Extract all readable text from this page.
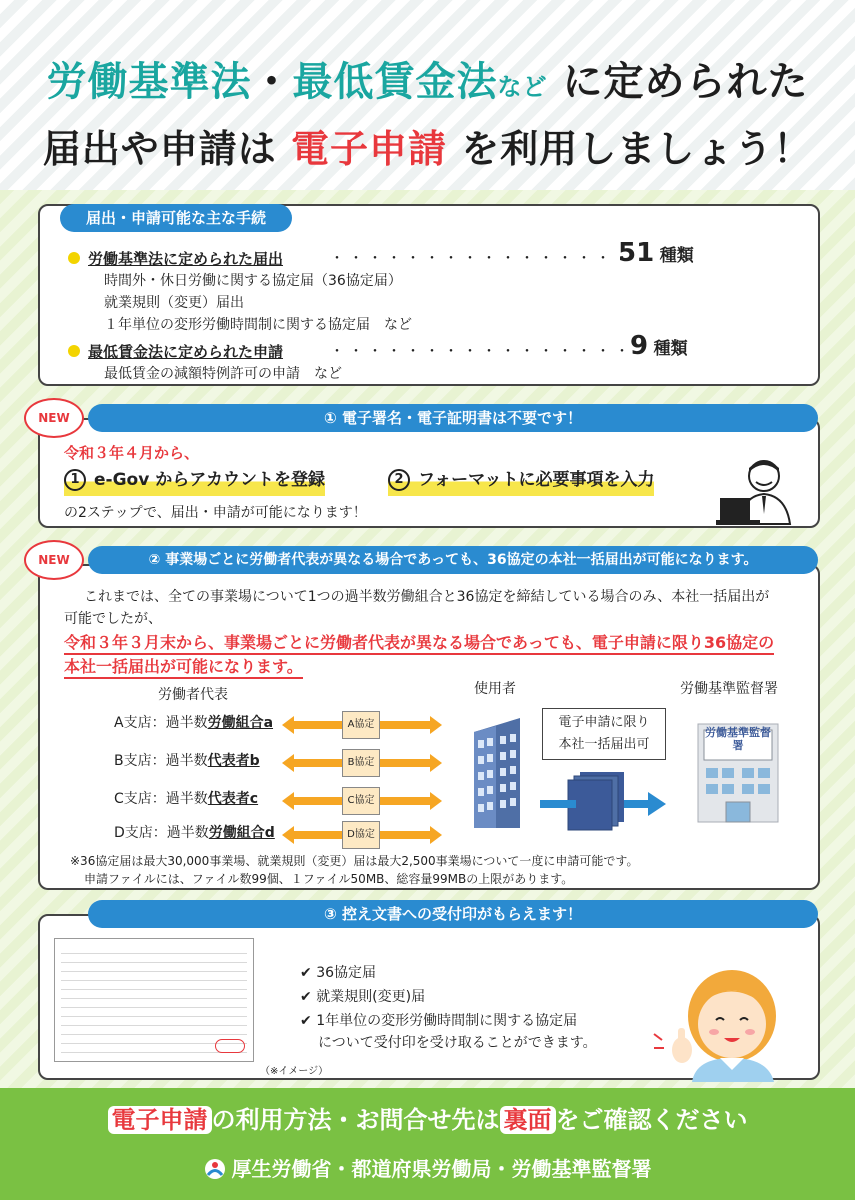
労働基準法・最低賃金法など に定められた
届出や申請は 電子申請 を利用しましょう！
届出・申請可能な主な手続
労働基準法に定められた届出	・・・・・・・・・・・・・・・・
51 種類
時間外・休日労働に関する協定届（36協定届）
就業規則（変更）届出
１年単位の変形労働時間制に関する協定届　など
最低賃金法に定められた申請	・・・・・・・・・・・・・・・・
9 種類
最低賃金の減額特例許可の申請　など
令和３年４月から、
1 e-Gov からアカウントを登録	2 フォーマットに必要事項を入力
の2ステップで、届出・申請が可能になります！
① 電子署名・電子証明書は不要です！
NEW
これまでは、全ての事業場について1つの過半数労働組合と36協定を締結している場合のみ、本社一括届出が
可能でしたが、
令和３年３月末から、事業場ごとに労働者代表が異なる場合であっても、電子申請に限り36協定の
本社一括届出が可能になります。
労働者代表	使用者	労働基準監督署
A支店：過半数労働組合a
B支店：過半数代表者b
C支店：過半数代表者c
D支店：過半数労働組合d
A協定
B協定
C協定
D協定
電子申請に限り
本社一括届出可
労働基準監督署
※36協定届は最大30,000事業場、就業規則（変更）届は最大2,500事業場について一度に申請可能です。
申請ファイルには、ファイル数99個、１ファイル50MB、総容量99MBの上限があります。
② 事業場ごとに労働者代表が異なる場合であっても、36協定の本社一括届出が可能になります。
NEW
（※イメージ）
✔ 36協定届
✔ 就業規則(変更)届
✔ 1年単位の変形労働時間制に関する協定届
について受付印を受け取ることができます。
③ 控え文書への受付印がもらえます！
電子申請 の利用方法・お問合せ先は 裏面 をご確認ください
厚生労働省・都道府県労働局・労働基準監督署
